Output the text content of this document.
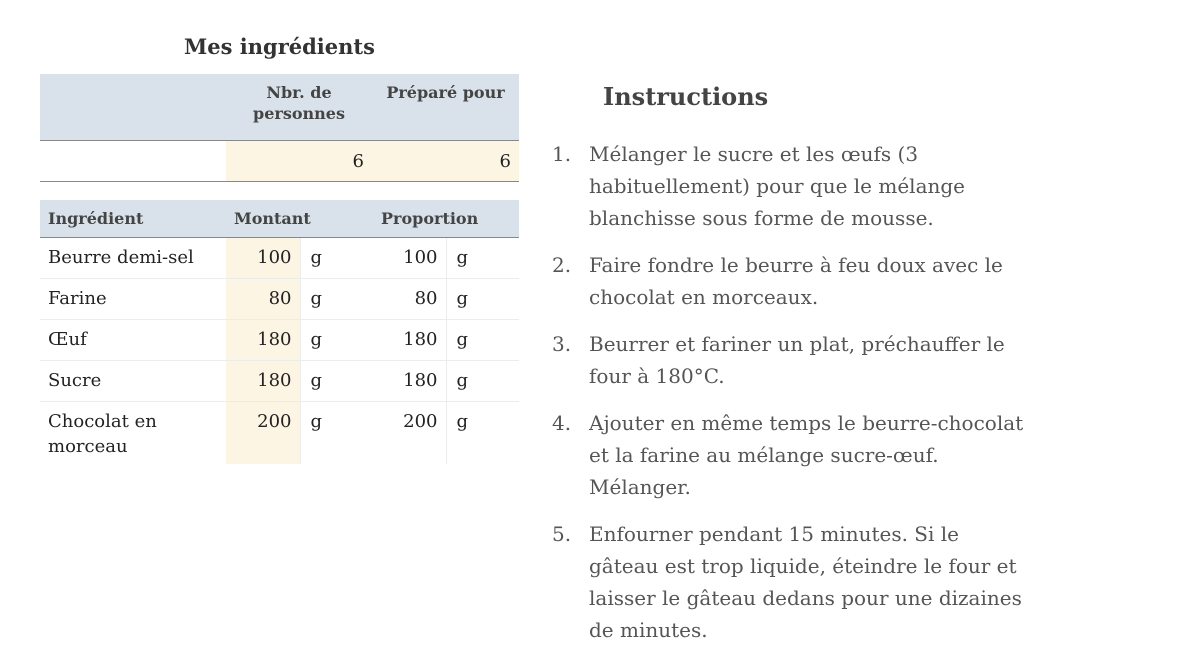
Mes ingrédients
	Nbr. de personnes	Préparé pour
	6	6
Ingrédient	Montant		Proportion	
Beurre demi-sel	100	g	100	g
Farine	80	g	80	g
Œuf	180	g	180	g
Sucre	180	g	180	g
Chocolat en morceau	200	g	200	g
Instructions
1. Mélanger le sucre et les œufs (3 habituellement) pour que le mélange blanchisse sous forme de mousse.
2. Faire fondre le beurre à feu doux avec le chocolat en morceaux.
3. Beurrer et fariner un plat, préchauffer le four à 180°C.
4. Ajouter en même temps le beurre-chocolat et la farine au mélange sucre-œuf. Mélanger.
5. Enfourner pendant 15 minutes. Si le gâteau est trop liquide, éteindre le four et laisser le gâteau dedans pour une dizaines de minutes.
